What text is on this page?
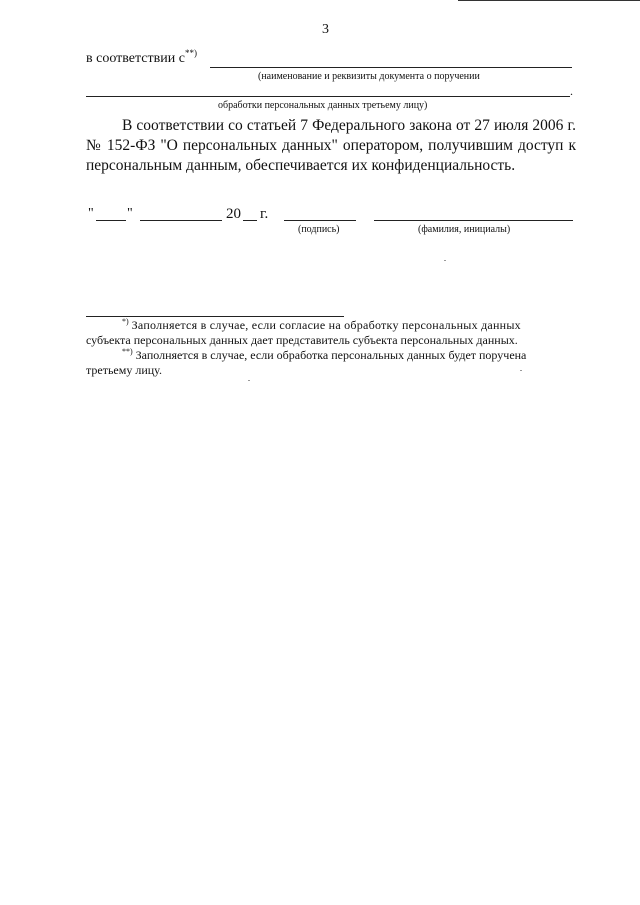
3
в соответствии с**)
(наименование и реквизиты документа о поручении
.
обработки персональных данных третьему лицу)
В соответствии со статьей 7 Федерального закона от 27 июля 2006 г. № 152-ФЗ "О персональных данных" оператором, получившим доступ к персональным данным, обеспечивается их конфиденциальность.
" "	20 г.
(подпись)	(фамилия, инициалы)
*) Заполняется в случае, если согласие на обработку персональных данных
субъекта персональных данных дает представитель субъекта персональных данных.
**) Заполняется в случае, если обработка персональных данных будет поручена
третьему лицу.
